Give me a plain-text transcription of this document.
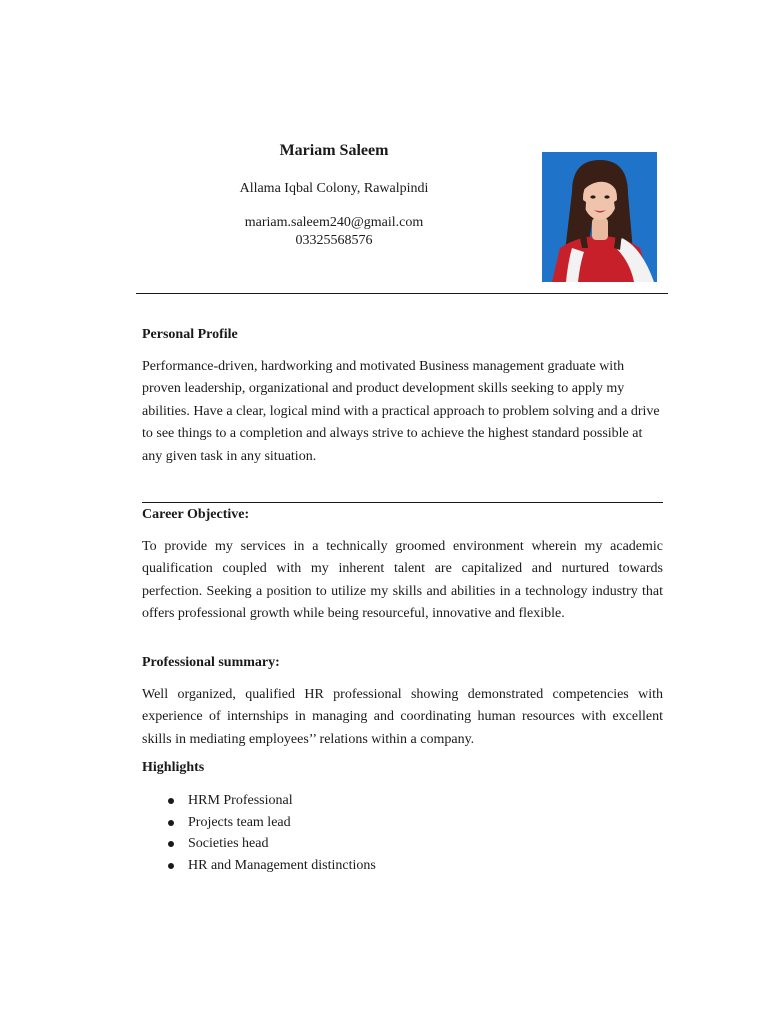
Mariam Saleem
Allama Iqbal Colony, Rawalpindi
mariam.saleem240@gmail.com
03325568576
Personal Profile

Performance-driven, hardworking and motivated Business management graduate with proven leadership, organizational and product development skills seeking to apply my abilities. Have a clear, logical mind with a practical approach to problem solving and a drive to see things to a completion and always strive to achieve the highest standard possible at any given task in any situation.

Career Objective:

To provide my services in a technically groomed environment wherein my academic qualification coupled with my inherent talent are capitalized and nurtured towards perfection. Seeking a position to utilize my skills and abilities in a technology industry that offers professional growth while being resourceful, innovative and flexible.

Professional summary:

Well organized, qualified HR professional showing demonstrated competencies with experience of internships in managing and coordinating human resources with excellent skills in mediating employees’’ relations within a company.

Highlights
HRM Professional
Projects team lead
Societies head
HR and Management distinctions
